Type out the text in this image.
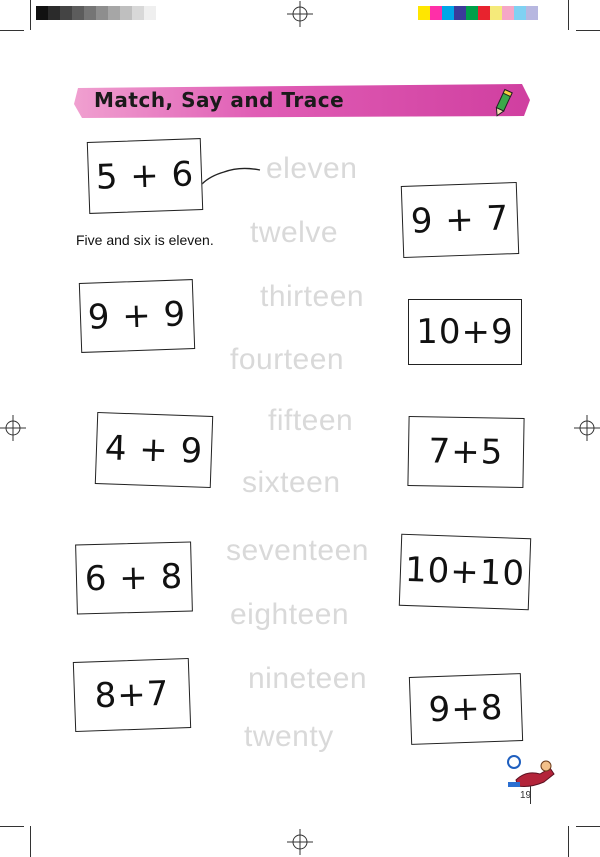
Match, Say and Trace
5 + 6
9 + 9
4 + 9
6 + 8
8+7
9 + 7
10+9
7+5
10+10
9+8
eleven
twelve
thirteen
fourteen
fifteen
sixteen
seventeen
eighteen
nineteen
twenty
Five and six is eleven.
19
